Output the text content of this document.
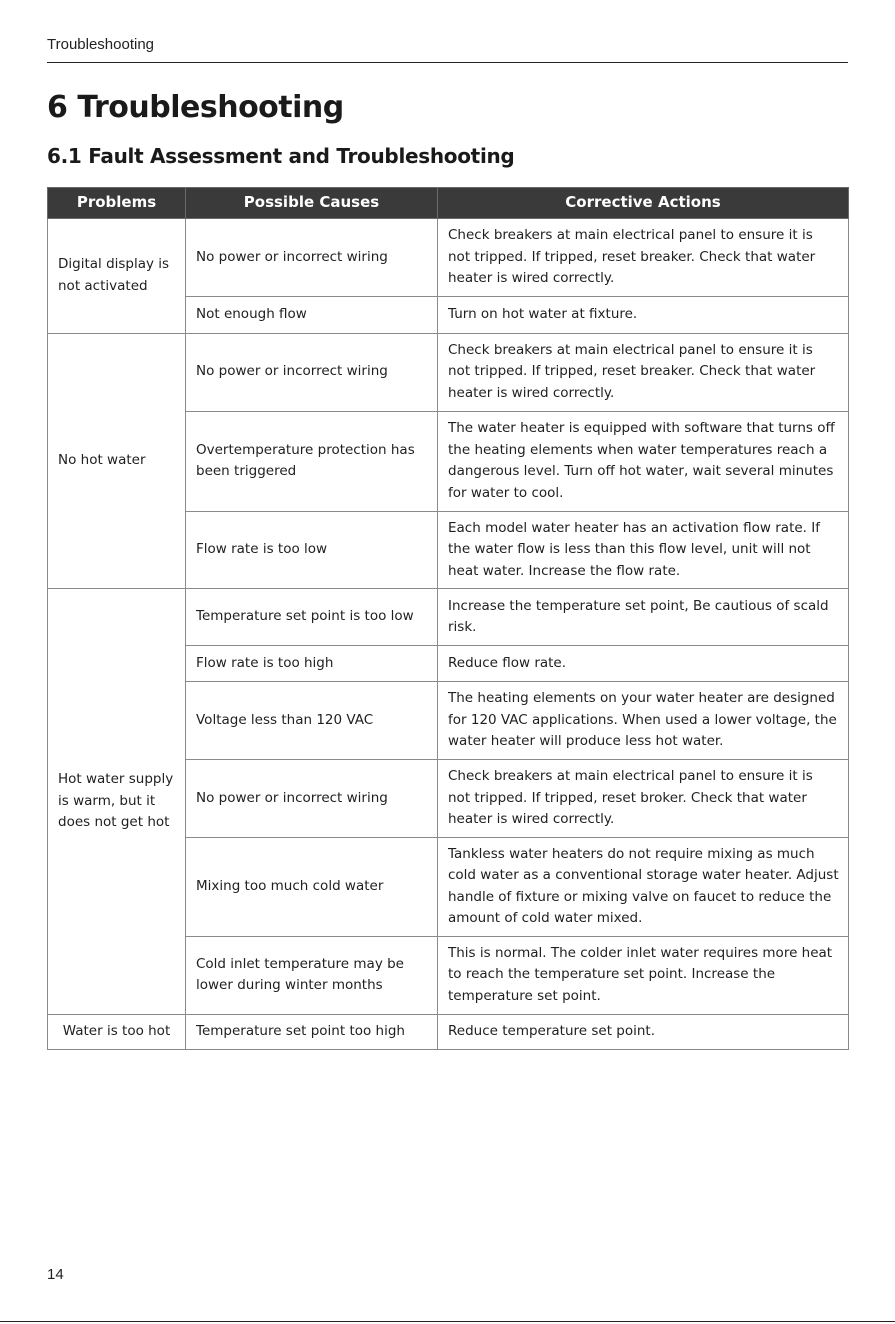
Troubleshooting
6 Troubleshooting
6.1 Fault Assessment and Troubleshooting
Problems	Possible Causes	Corrective Actions
Digital display is not activated	No power or incorrect wiring	Check breakers at main electrical panel to ensure it is not tripped. If tripped, reset breaker. Check that water heater is wired correctly.
	Not enough flow	Turn on hot water at fixture.
No hot water	No power or incorrect wiring	Check breakers at main electrical panel to ensure it is not tripped. If tripped, reset breaker. Check that water heater is wired correctly.
	Overtemperature protection has been triggered	The water heater is equipped with software that turns off the heating elements when water temperatures reach a dangerous level. Turn off hot water, wait several minutes for water to cool.
	Flow rate is too low	Each model water heater has an activation flow rate. If the water flow is less than this flow level, unit will not heat water. Increase the flow rate.
Hot water supply is warm, but it does not get hot	Temperature set point is too low	Increase the temperature set point, Be cautious of scald risk.
	Flow rate is too high	Reduce flow rate.
	Voltage less than 120 VAC	The heating elements on your water heater are designed for 120 VAC applications. When used a lower voltage, the water heater will produce less hot water.
	No power or incorrect wiring	Check breakers at main electrical panel to ensure it is not tripped. If tripped, reset broker. Check that water heater is wired correctly.
	Mixing too much cold water	Tankless water heaters do not require mixing as much cold water as a conventional storage water heater. Adjust handle of fixture or mixing valve on faucet to reduce the amount of cold water mixed.
	Cold inlet temperature may be lower during winter months	This is normal. The colder inlet water requires more heat to reach the temperature set point. Increase the temperature set point.
Water is too hot	Temperature set point too high	Reduce temperature set point.
14
